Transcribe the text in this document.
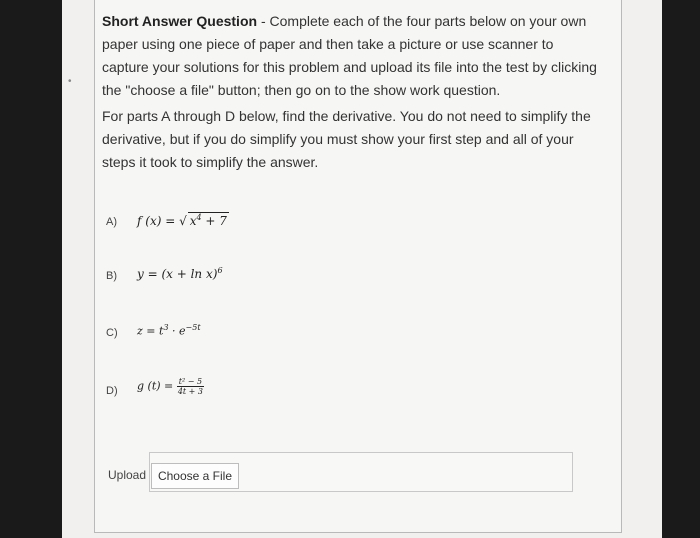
•
Short Answer Question - Complete each of the four parts below on your own paper using one piece of paper and then take a picture or use scanner to capture your solutions for this problem and upload its file into the test by clicking the "choose a file" button; then go on to the show work question.
For parts A through D below, find the derivative. You do not need to simplify the derivative, but if you do simplify you must show your first step and all of your steps it took to simplify the answer.
A) f (x) = √ $x^4 + 7$
B) $y = (x + \ln x)^6$
C) $z = t^3 \cdot e^{-5t}$
D) g $(t) = \frac{\text{t² − 5}}{4t + 3}$
Upload Choose a File
